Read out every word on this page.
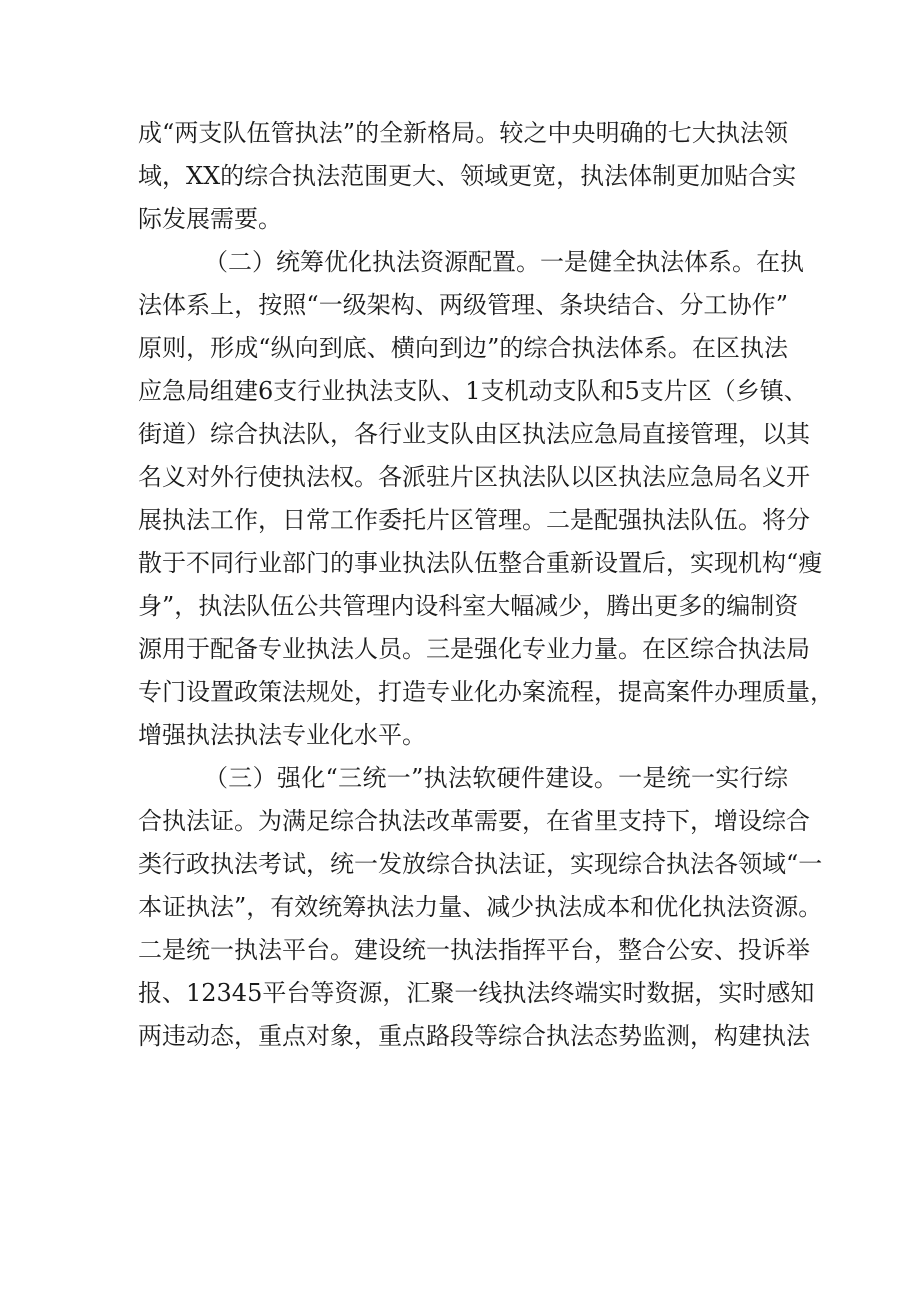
成“两支队伍管执法”的全新格局。较之中央明确的七大执法领
域，XX的综合执法范围更大、领域更宽，执法体制更加贴合实
际发展需要。
（二）统筹优化执法资源配置。一是健全执法体系。在执
法体系上，按照“一级架构、两级管理、条块结合、分工协作”
原则，形成“纵向到底、横向到边”的综合执法体系。在区执法
应急局组建6支行业执法支队、1支机动支队和5支片区（乡镇、
街道）综合执法队，各行业支队由区执法应急局直接管理，以其
名义对外行使执法权。各派驻片区执法队以区执法应急局名义开
展执法工作，日常工作委托片区管理。二是配强执法队伍。将分
散于不同行业部门的事业执法队伍整合重新设置后，实现机构“瘦
身”，执法队伍公共管理内设科室大幅减少，腾出更多的编制资
源用于配备专业执法人员。三是强化专业力量。在区综合执法局
专门设置政策法规处，打造专业化办案流程，提高案件办理质量，
增强执法执法专业化水平。
（三）强化“三统一”执法软硬件建设。一是统一实行综
合执法证。为满足综合执法改革需要，在省里支持下，增设综合
类行政执法考试，统一发放综合执法证，实现综合执法各领域“一
本证执法”，有效统筹执法力量、减少执法成本和优化执法资源。
二是统一执法平台。建设统一执法指挥平台，整合公安、投诉举
报、12345平台等资源，汇聚一线执法终端实时数据，实时感知
两违动态，重点对象，重点路段等综合执法态势监测，构建执法
